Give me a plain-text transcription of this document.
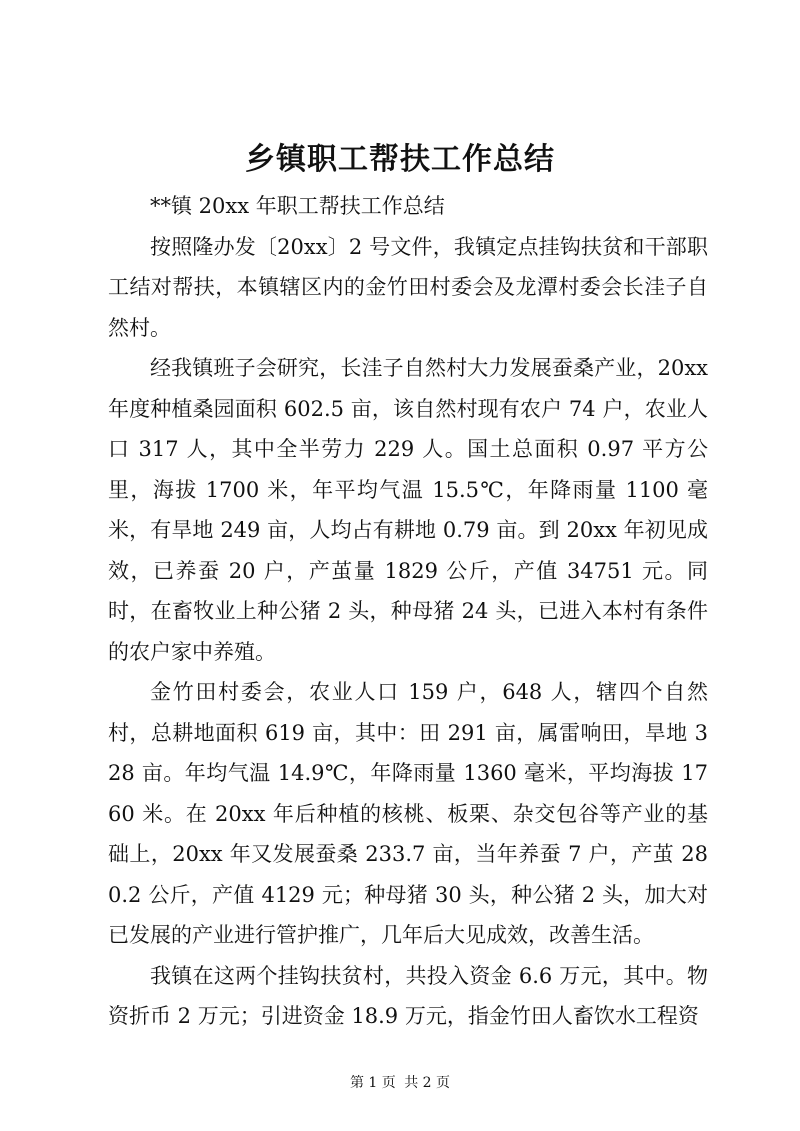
乡镇职工帮扶工作总结

**镇 20xx 年职工帮扶工作总结

按照隆办发〔20xx〕2 号文件，我镇定点挂钩扶贫和干部职工结对帮扶，本镇辖区内的金竹田村委会及龙潭村委会长洼子自然村。

经我镇班子会研究，长洼子自然村大力发展蚕桑产业，20xx 年度种植桑园面积 602.5 亩，该自然村现有农户 74 户，农业人口 317 人，其中全半劳力 229 人。国土总面积 0.97 平方公里，海拔 1700 米，年平均气温 15.5℃，年降雨量 1100 毫米，有旱地 249 亩，人均占有耕地 0.79 亩。到 20xx 年初见成效，已养蚕 20 户，产茧量 1829 公斤，产值 34751 元。同时，在畜牧业上种公猪 2 头，种母猪 24 头，已进入本村有条件的农户家中养殖。

金竹田村委会，农业人口 159 户，648 人，辖四个自然村，总耕地面积 619 亩，其中：田 291 亩，属雷响田，旱地 328 亩。年均气温 14.9℃，年降雨量 1360 毫米，平均海拔 1760 米。在 20xx 年后种植的核桃、板栗、杂交包谷等产业的基础上，20xx 年又发展蚕桑 233.7 亩，当年养蚕 7 户，产茧 280.2 公斤，产值 4129 元；种母猪 30 头，种公猪 2 头，加大对已发展的产业进行管护推广，几年后大见成效，改善生活。

我镇在这两个挂钩扶贫村，共投入资金 6.6 万元，其中。物资折币 2 万元；引进资金 18.9 万元，指金竹田人畜饮水工程资

第 1 页 共 2 页
